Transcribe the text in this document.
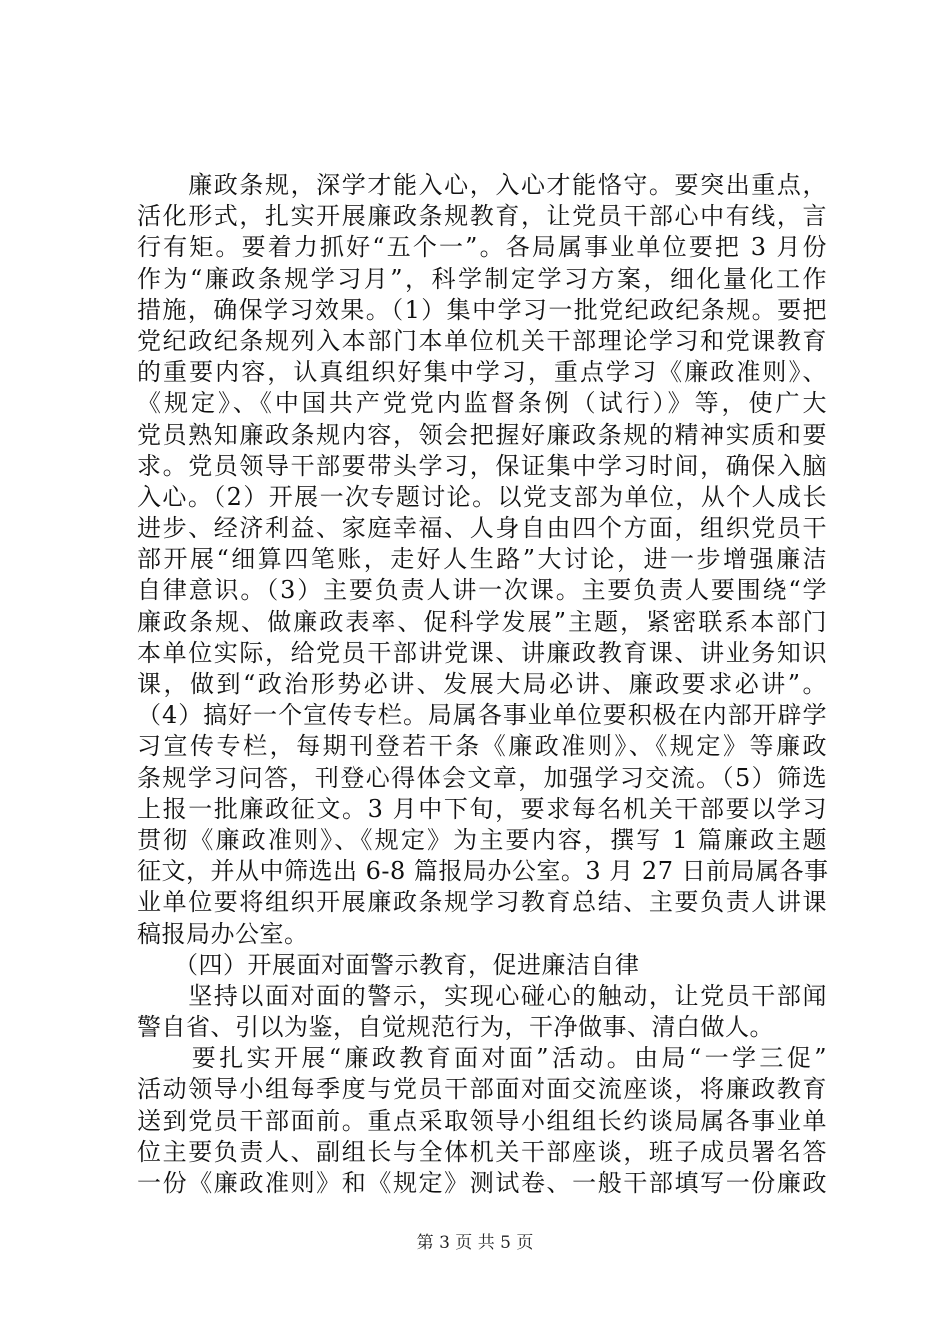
　　廉政条规，深学才能入心，入心才能恪守。要突出重点，
活化形式，扎实开展廉政条规教育，让党员干部心中有线，言
行有矩。要着力抓好“五个一”。各局属事业单位要把 3 月份
作为“廉政条规学习月”，科学制定学习方案，细化量化工作
措施，确保学习效果。（1）集中学习一批党纪政纪条规。要把
党纪政纪条规列入本部门本单位机关干部理论学习和党课教育
的重要内容，认真组织好集中学习，重点学习《廉政准则》、
《规定》、《中国共产党党内监督条例（试行）》等，使广大
党员熟知廉政条规内容，领会把握好廉政条规的精神实质和要
求。党员领导干部要带头学习，保证集中学习时间，确保入脑
入心。（2）开展一次专题讨论。以党支部为单位，从个人成长
进步、经济利益、家庭幸福、人身自由四个方面，组织党员干
部开展“细算四笔账，走好人生路”大讨论，进一步增强廉洁
自律意识。（3）主要负责人讲一次课。主要负责人要围绕“学
廉政条规、做廉政表率、促科学发展”主题，紧密联系本部门
本单位实际，给党员干部讲党课、讲廉政教育课、讲业务知识
课，做到“政治形势必讲、发展大局必讲、廉政要求必讲”。
（4）搞好一个宣传专栏。局属各事业单位要积极在内部开辟学
习宣传专栏，每期刊登若干条《廉政准则》、《规定》等廉政
条规学习问答，刊登心得体会文章，加强学习交流。（5）筛选
上报一批廉政征文。3 月中下旬，要求每名机关干部要以学习
贯彻《廉政准则》、《规定》为主要内容，撰写 1 篇廉政主题
征文，并从中筛选出 6-8 篇报局办公室。3 月 27 日前局属各事
业单位要将组织开展廉政条规学习教育总结、主要负责人讲课
稿报局办公室。
　　（四）开展面对面警示教育，促进廉洁自律
　　坚持以面对面的警示，实现心碰心的触动，让党员干部闻
警自省、引以为鉴，自觉规范行为，干净做事、清白做人。
　　要扎实开展“廉政教育面对面”活动。由局“一学三促”
活动领导小组每季度与党员干部面对面交流座谈，将廉政教育
送到党员干部面前。重点采取领导小组组长约谈局属各事业单
位主要负责人、副组长与全体机关干部座谈，班子成员署名答
一份《廉政准则》和《规定》测试卷、一般干部填写一份廉政
第 3 页 共 5 页
